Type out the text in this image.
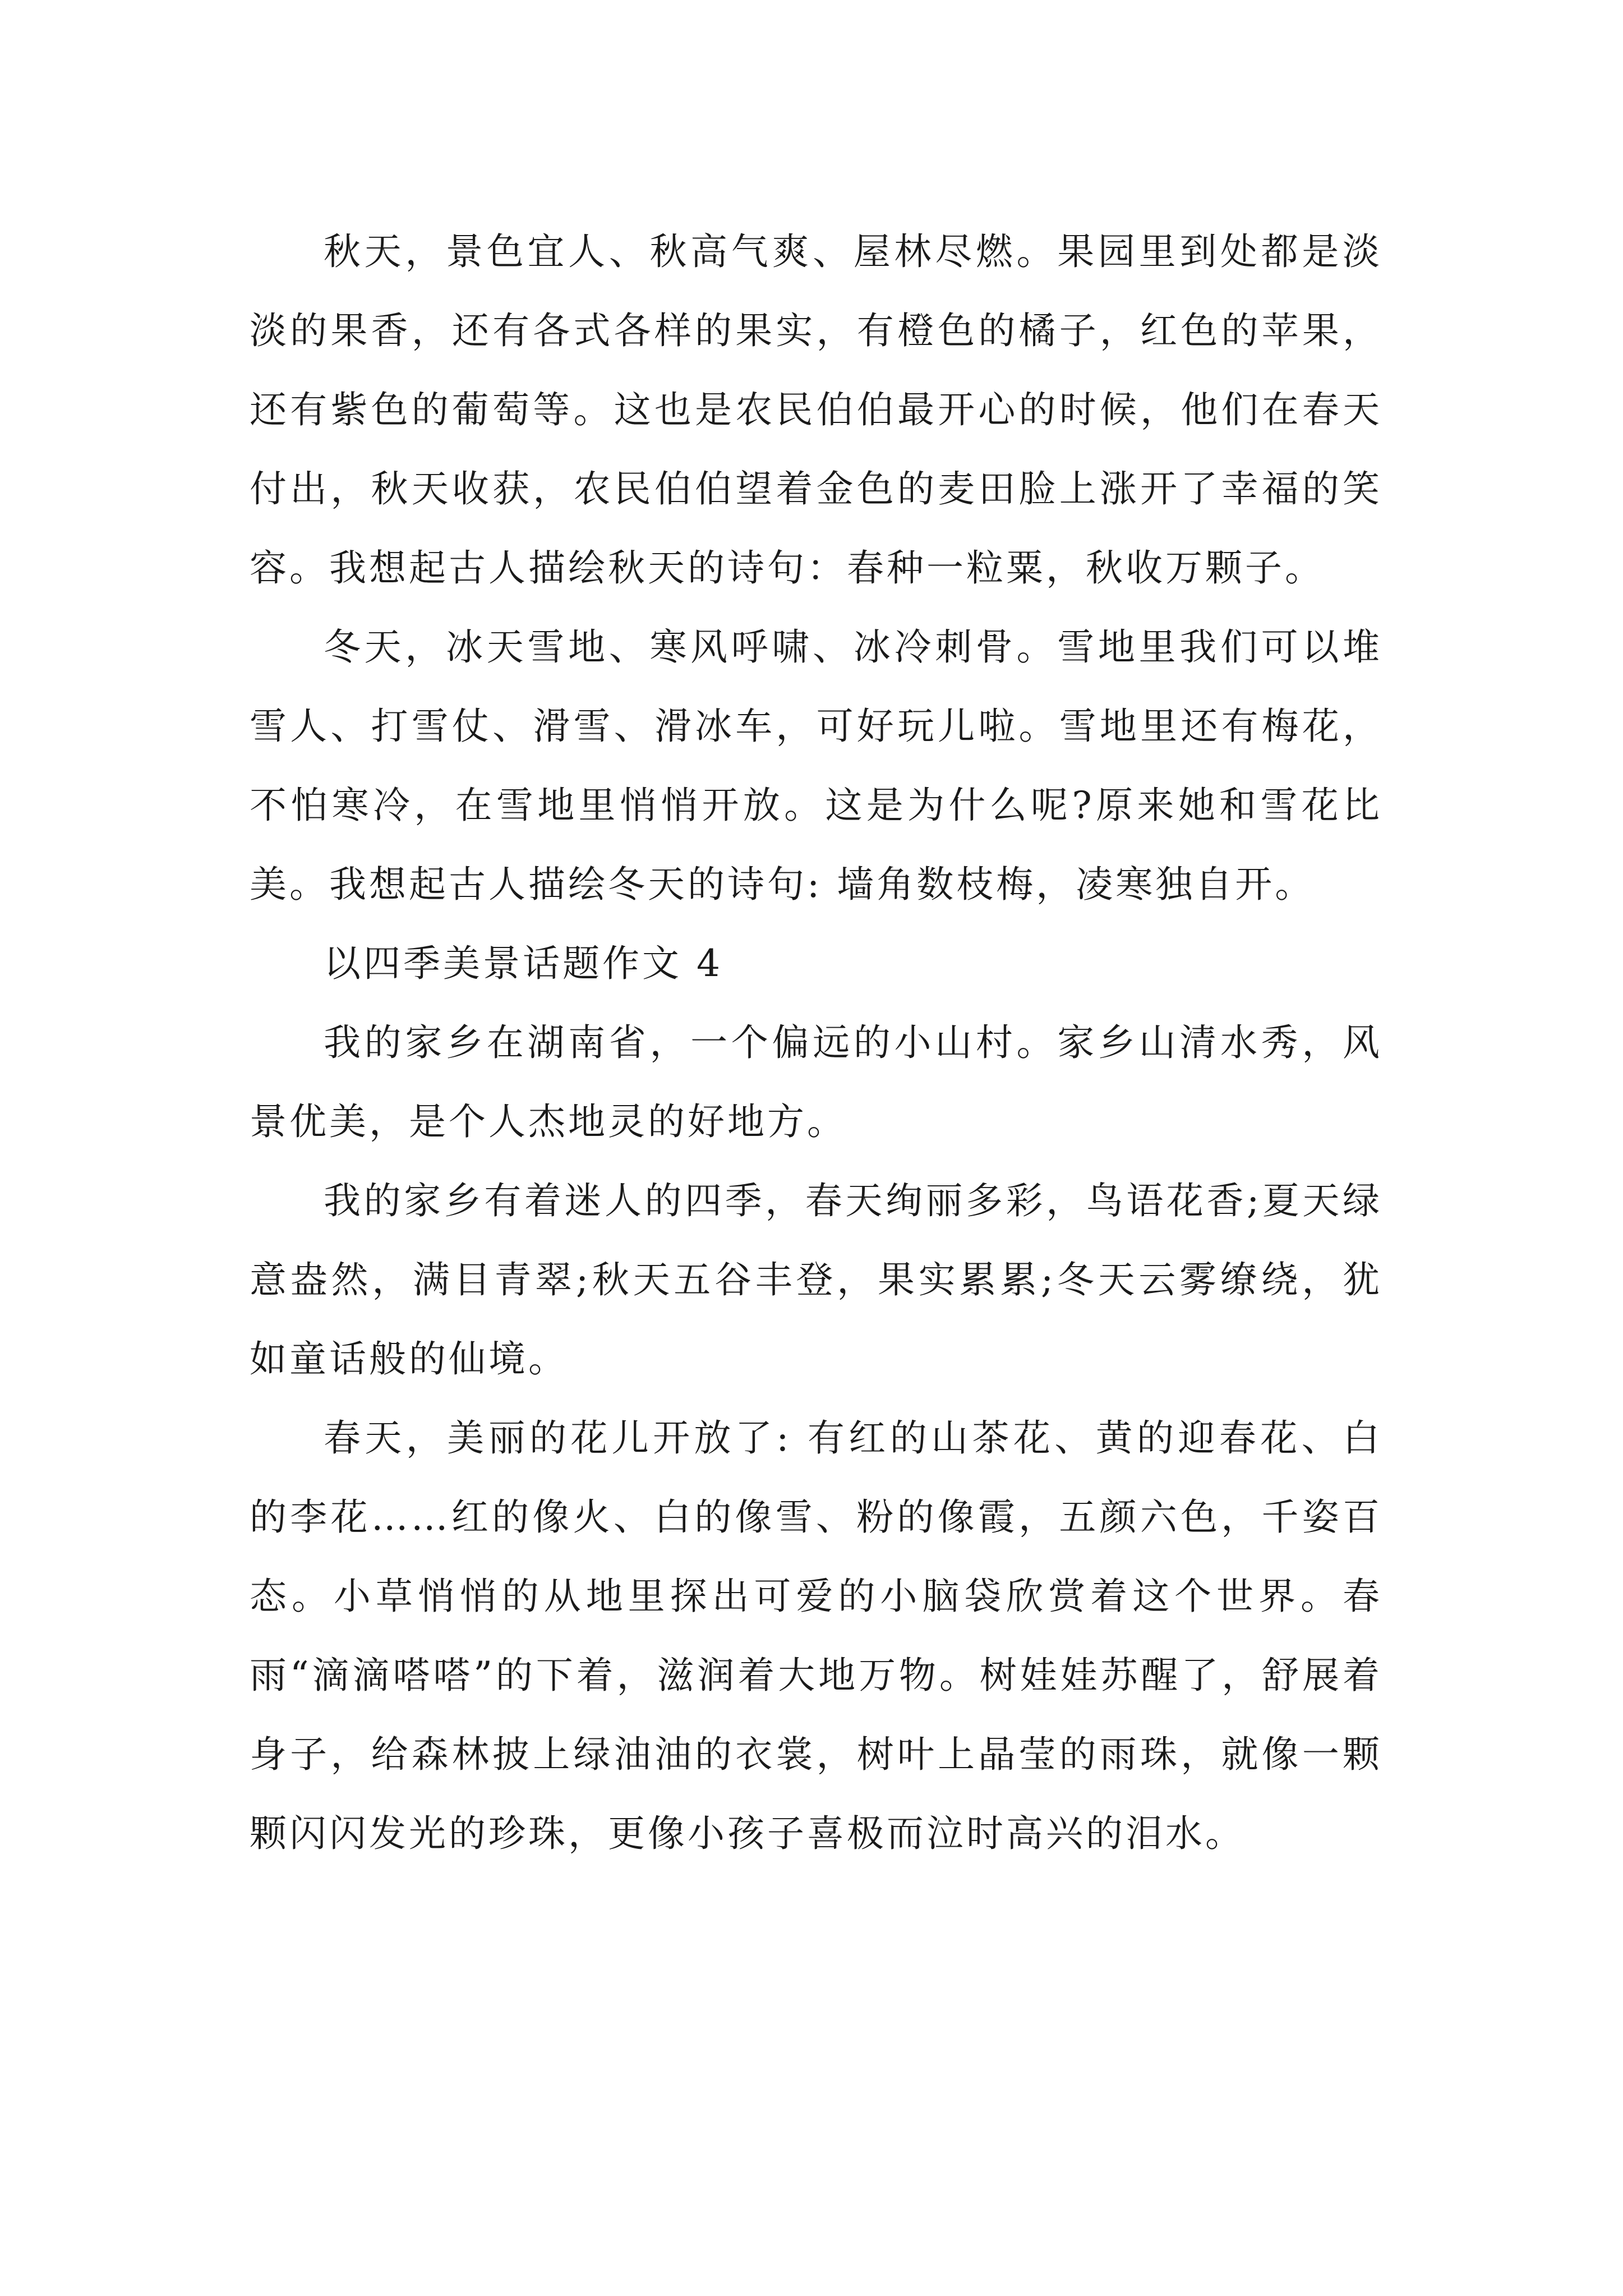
秋天，景色宜人、秋高气爽、屋林尽燃。果园里到处都是淡淡的果香，还有各式各样的果实，有橙色的橘子，红色的苹果，还有紫色的葡萄等。这也是农民伯伯最开心的时候，他们在春天付出，秋天收获，农民伯伯望着金色的麦田脸上涨开了幸福的笑容。我想起古人描绘秋天的诗句：春种一粒粟，秋收万颗子。

冬天，冰天雪地、寒风呼啸、冰冷刺骨。雪地里我们可以堆雪人、打雪仗、滑雪、滑冰车，可好玩儿啦。雪地里还有梅花，不怕寒冷，在雪地里悄悄开放。这是为什么呢?原来她和雪花比美。我想起古人描绘冬天的诗句: 墙角数枝梅，凌寒独自开。

以四季美景话题作文 4

我的家乡在湖南省，一个偏远的小山村。家乡山清水秀，风景优美，是个人杰地灵的好地方。

我的家乡有着迷人的四季，春天绚丽多彩，鸟语花香;夏天绿意盎然，满目青翠;秋天五谷丰登，果实累累;冬天云雾缭绕，犹如童话般的仙境。

春天，美丽的花儿开放了: 有红的山茶花、黄的迎春花、白的李花……红的像火、白的像雪、粉的像霞，五颜六色，千姿百态。小草悄悄的从地里探出可爱的小脑袋欣赏着这个世界。春雨“滴滴嗒嗒”的下着，滋润着大地万物。树娃娃苏醒了，舒展着身子，给森林披上绿油油的衣裳，树叶上晶莹的雨珠，就像一颗颗闪闪发光的珍珠，更像小孩子喜极而泣时高兴的泪水。
